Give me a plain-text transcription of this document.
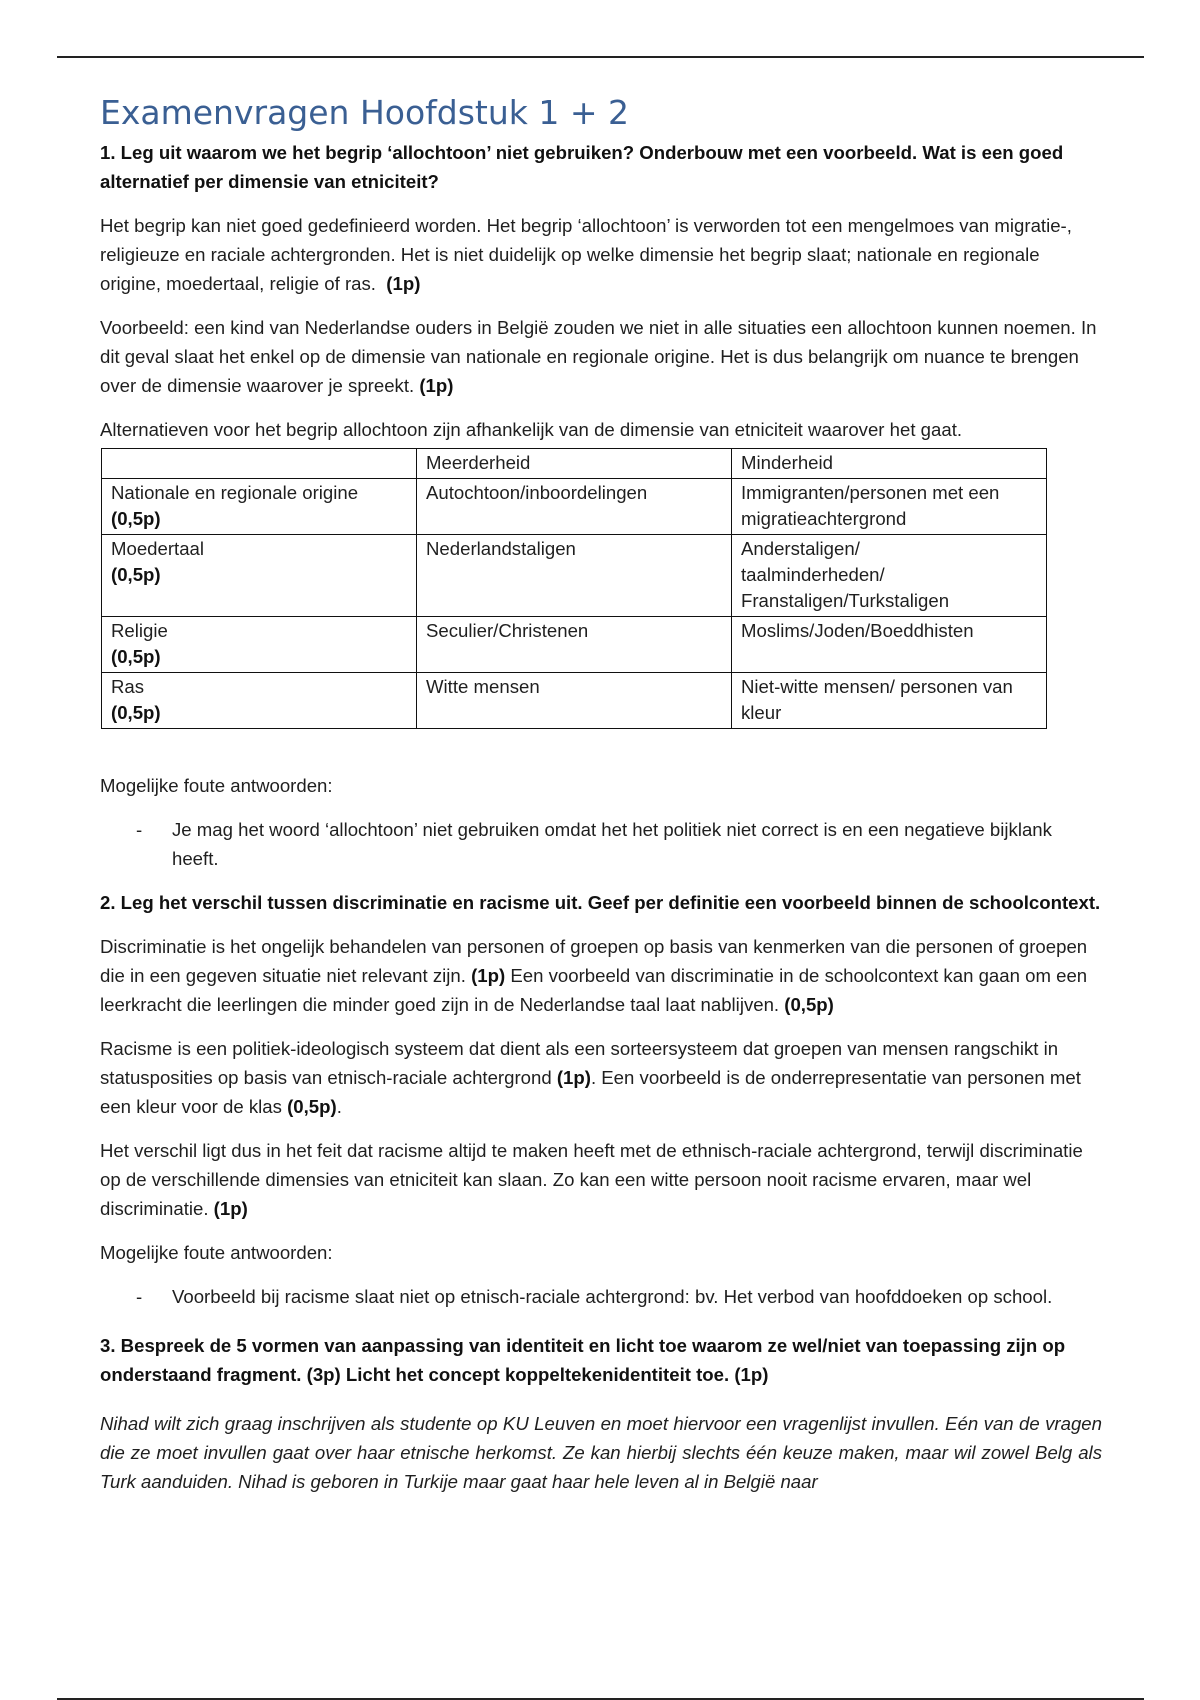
Examenvragen Hoofdstuk 1 + 2

1. Leg uit waarom we het begrip ‘allochtoon’ niet gebruiken? Onderbouw met een voorbeeld. Wat is een goed alternatief per dimensie van etniciteit?

Het begrip kan niet goed gedefinieerd worden. Het begrip ‘allochtoon’ is verworden tot een mengelmoes van migratie-, religieuze en raciale achtergronden. Het is niet duidelijk op welke dimensie het begrip slaat; nationale en regionale origine, moedertaal, religie of ras. (1p)

Voorbeeld: een kind van Nederlandse ouders in België zouden we niet in alle situaties een allochtoon kunnen noemen. In dit geval slaat het enkel op de dimensie van nationale en regionale origine. Het is dus belangrijk om nuance te brengen over de dimensie waarover je spreekt. (1p)

Alternatieven voor het begrip allochtoon zijn afhankelijk van de dimensie van etniciteit waarover het gaat.

	Meerderheid	Minderheid
Nationale en regionale origine
(0,5p)	Autochtoon/inboordelingen	Immigranten/personen met een migratieachtergrond
Moedertaal
(0,5p)	Nederlandstaligen	Anderstaligen/ taalminderheden/ Franstaligen/Turkstaligen
Religie
(0,5p)	Seculier/Christenen	Moslims/Joden/Boeddhisten
Ras
(0,5p)	Witte mensen	Niet-witte mensen/ personen van kleur

Mogelijke foute antwoorden:

- Je mag het woord ‘allochtoon’ niet gebruiken omdat het het politiek niet correct is en een negatieve bijklank heeft.

2. Leg het verschil tussen discriminatie en racisme uit. Geef per definitie een voorbeeld binnen de schoolcontext.

Discriminatie is het ongelijk behandelen van personen of groepen op basis van kenmerken van die personen of groepen die in een gegeven situatie niet relevant zijn. (1p) Een voorbeeld van discriminatie in de schoolcontext kan gaan om een leerkracht die leerlingen die minder goed zijn in de Nederlandse taal laat nablijven. (0,5p)

Racisme is een politiek-ideologisch systeem dat dient als een sorteersysteem dat groepen van mensen rangschikt in statusposities op basis van etnisch-raciale achtergrond (1p). Een voorbeeld is de onderrepresentatie van personen met een kleur voor de klas (0,5p).

Het verschil ligt dus in het feit dat racisme altijd te maken heeft met de ethnisch-raciale achtergrond, terwijl discriminatie op de verschillende dimensies van etniciteit kan slaan. Zo kan een witte persoon nooit racisme ervaren, maar wel discriminatie. (1p)

Mogelijke foute antwoorden:

- Voorbeeld bij racisme slaat niet op etnisch-raciale achtergrond: bv. Het verbod van hoofddoeken op school.

3. Bespreek de 5 vormen van aanpassing van identiteit en licht toe waarom ze wel/niet van toepassing zijn op onderstaand fragment. (3p) Licht het concept koppeltekenidentiteit toe. (1p)

Nihad wilt zich graag inschrijven als studente op KU Leuven en moet hiervoor een vragenlijst invullen. Eén van de vragen die ze moet invullen gaat over haar etnische herkomst. Ze kan hierbij slechts één keuze maken, maar wil zowel Belg als Turk aanduiden. Nihad is geboren in Turkije maar gaat haar hele leven al in België naar
